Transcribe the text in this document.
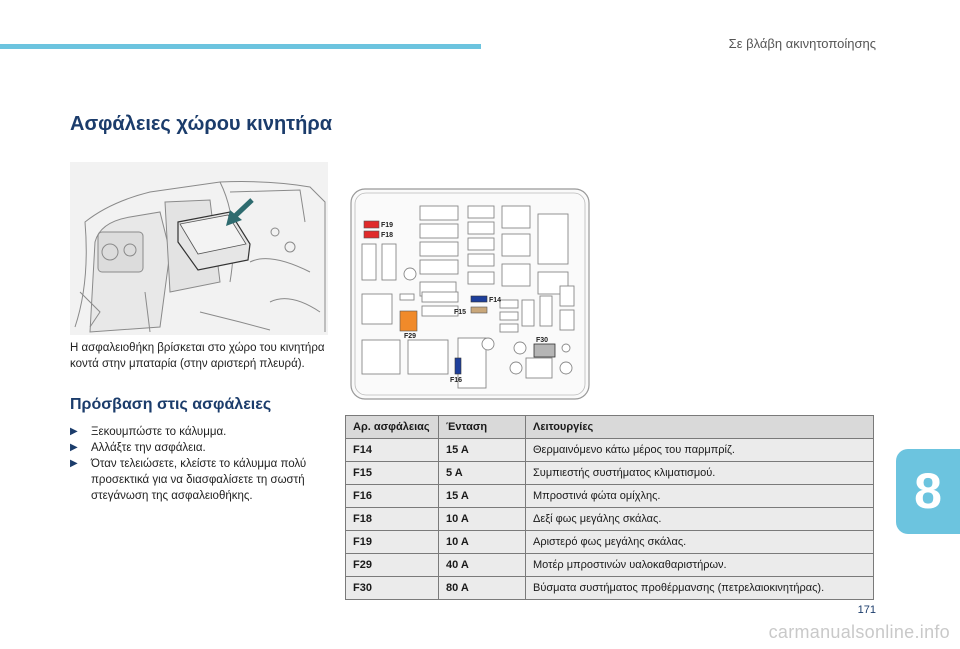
Σε βλάβη ακινητοποίησης
Ασφάλειες χώρου κινητήρα
Η ασφαλειοθήκη βρίσκεται στο χώρο του κινητήρα κοντά στην μπαταρία (στην αριστερή πλευρά).
Πρόσβαση στις ασφάλειες
▶ Ξεκουμπώστε το κάλυμμα.
▶ Αλλάξτε την ασφάλεια.
▶ Όταν τελειώσετε, κλείστε το κάλυμμα πολύ προσεκτικά για να διασφαλίσετε τη σωστή στεγάνωση της ασφαλειοθήκης.
F19
F18
F14
F15
F29
F30
F16
Αρ. ασφάλειας	Ένταση	Λειτουργίες
F14	15 A	Θερμαινόμενο κάτω μέρος του παρμπρίζ.
F15	5 A	Συμπιεστής συστήματος κλιματισμού.
F16	15 A	Μπροστινά φώτα ομίχλης.
F18	10 A	Δεξί φως μεγάλης σκάλας.
F19	10 A	Αριστερό φως μεγάλης σκάλας.
F29	40 A	Μοτέρ μπροστινών υαλοκαθαριστήρων.
F30	80 A	Βύσματα συστήματος προθέρμανσης (πετρελαιοκινητήρας).
8
171
carmanualsonline.info
